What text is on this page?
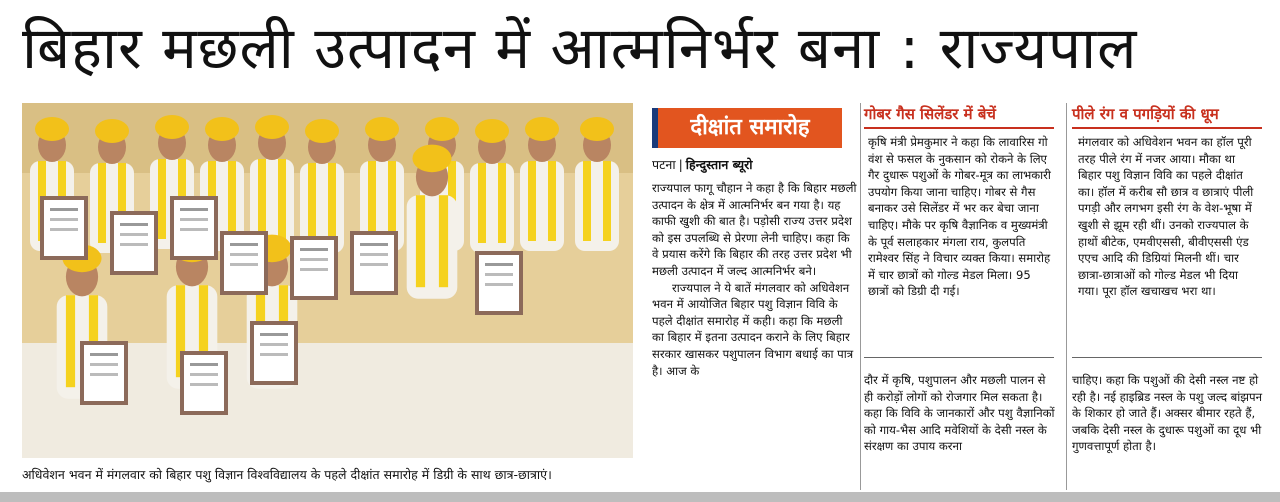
बिहार मछली उत्पादन में आत्मनिर्भर बना : राज्यपाल
अधिवेशन भवन में मंगलवार को बिहार पशु विज्ञान विश्वविद्यालय के पहले दीक्षांत समारोह में डिग्री के साथ छात्र-छात्राएं।
दीक्षांत समारोह
पटना | हिन्दुस्तान ब्यूरो

राज्यपाल फागू चौहान ने कहा है कि बिहार मछली उत्पादन के क्षेत्र में आत्मनिर्भर बन गया है। यह काफी खुशी की बात है। पड़ोसी राज्य उत्तर प्रदेश को इस उपलब्धि से प्रेरणा लेनी चाहिए। कहा कि वे प्रयास करेंगे कि बिहार की तरह उत्तर प्रदेश भी मछली उत्पादन में जल्द आत्मनिर्भर बने।

राज्यपाल ने ये बातें मंगलवार को अधिवेशन भवन में आयोजित बिहार पशु विज्ञान विवि के पहले दीक्षांत समारोह में कही। कहा कि मछली का बिहार में इतना उत्पादन कराने के लिए बिहार सरकार खासकर पशुपालन विभाग बधाई का पात्र है। आज के

गोबर गैस सिलेंडर में बेचें
कृषि मंत्री प्रेमकुमार ने कहा कि लावारिस गो वंश से फसल के नुकसान को रोकने के लिए गैर दुधारू पशुओं के गोबर-मूत्र का लाभकारी उपयोग किया जाना चाहिए। गोबर से गैस बनाकर उसे सिलेंडर में भर कर बेचा जाना चाहिए। मौके पर कृषि वैज्ञानिक व मुख्यमंत्री के पूर्व सलाहकार मंगला राय, कुलपति रामेश्वर सिंह ने विचार व्यक्त किया। समारोह में चार छात्रों को गोल्ड मेडल मिला। 95 छात्रों को डिग्री दी गई।
दौर में कृषि, पशुपालन और मछली पालन से ही करोड़ों लोगों को रोजगार मिल सकता है। कहा कि विवि के जानकारों और पशु वैज्ञानिकों को गाय-भैस आदि मवेशियों के देसी नस्ल के संरक्षण का उपाय करना
पीले रंग व पगड़ियों की धूम
मंगलवार को अधिवेशन भवन का हॉल पूरी तरह पीले रंग में नजर आया। मौका था बिहार पशु विज्ञान विवि का पहले दीक्षांत का। हॉल में करीब सौ छात्र व छात्राएं पीली पगड़ी और लगभग इसी रंग के वेश-भूषा में खुशी से झूम रही थीं। उनको राज्यपाल के हाथों बीटेक, एमवीएससी, बीवीएससी एंड एएच आदि की डिग्रियां मिलनी थीं। चार छात्रा-छात्राओं को गोल्ड मेडल भी दिया गया। पूरा हॉल खचाखच भरा था।
चाहिए। कहा कि पशुओं की देसी नस्ल नष्ट हो रही है। नई हाइब्रिड नस्ल के पशु जल्द बांझपन के शिकार हो जाते हैं। अक्सर बीमार रहते हैं, जबकि देसी नस्ल के दुधारू पशुओं का दूध भी गुणवत्तापूर्ण होता है।
